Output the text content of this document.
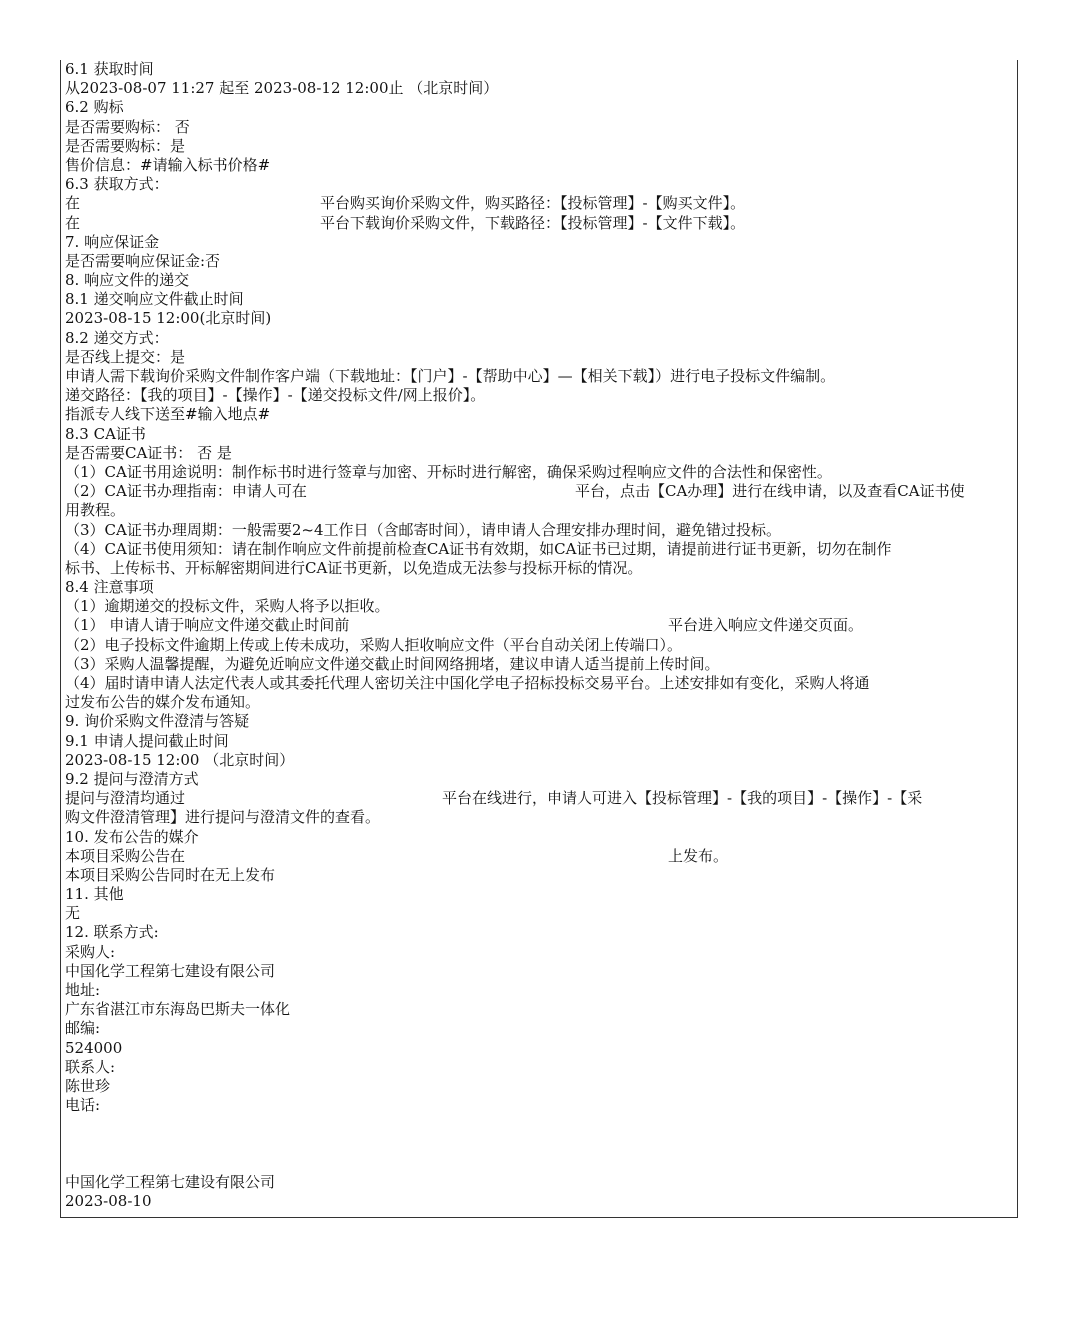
6.1 获取时间
从2023-08-07 11:27 起至 2023-08-12 12:00止 （北京时间）
6.2 购标
是否需要购标： 否
是否需要购标：是
售价信息：#请输入标书价格#
6.3 获取方式：
在	平台购买询价采购文件，购买路径：【投标管理】-【购买文件】。
在	平台下载询价采购文件，下载路径：【投标管理】-【文件下载】。
7. 响应保证金
是否需要响应保证金:否
8. 响应文件的递交
8.1 递交响应文件截止时间
2023-08-15 12:00(北京时间)
8.2 递交方式：
是否线上提交：是
申请人需下载询价采购文件制作客户端（下载地址：【门户】-【帮助中心】—【相关下载】）进行电子投标文件编制。
递交路径：【我的项目】-【操作】-【递交投标文件/网上报价】。
指派专人线下送至#输入地点#
8.3 CA证书
是否需要CA证书： 否 是
（1）CA证书用途说明：制作标书时进行签章与加密、开标时进行解密，确保采购过程响应文件的合法性和保密性。
（2）CA证书办理指南：申请人可在	平台，点击【CA办理】进行在线申请，以及查看CA证书使
用教程。
（3）CA证书办理周期：一般需要2~4工作日（含邮寄时间），请申请人合理安排办理时间，避免错过投标。
（4）CA证书使用须知：请在制作响应文件前提前检查CA证书有效期，如CA证书已过期，请提前进行证书更新，切勿在制作
标书、上传标书、开标解密期间进行CA证书更新，以免造成无法参与投标开标的情况。
8.4 注意事项
（1）逾期递交的投标文件，采购人将予以拒收。
（1） 申请人请于响应文件递交截止时间前	平台进入响应文件递交页面。
（2）电子投标文件逾期上传或上传未成功，采购人拒收响应文件（平台自动关闭上传端口）。
（3）采购人温馨提醒，为避免近响应文件递交截止时间网络拥堵，建议申请人适当提前上传时间。
（4）届时请申请人法定代表人或其委托代理人密切关注中国化学电子招标投标交易平台。上述安排如有变化，采购人将通
过发布公告的媒介发布通知。
9. 询价采购文件澄清与答疑
9.1 申请人提问截止时间
2023-08-15 12:00 （北京时间）
9.2 提问与澄清方式
提问与澄清均通过	平台在线进行，申请人可进入【投标管理】-【我的项目】-【操作】-【采
购文件澄清管理】进行提问与澄清文件的查看。
10. 发布公告的媒介
本项目采购公告在	上发布。
本项目采购公告同时在无上发布
11. 其他
无
12. 联系方式:
采购人:
中国化学工程第七建设有限公司
地址:
广东省湛江市东海岛巴斯夫一体化
邮编:
524000
联系人:
陈世珍
电话:
中国化学工程第七建设有限公司
2023-08-10
